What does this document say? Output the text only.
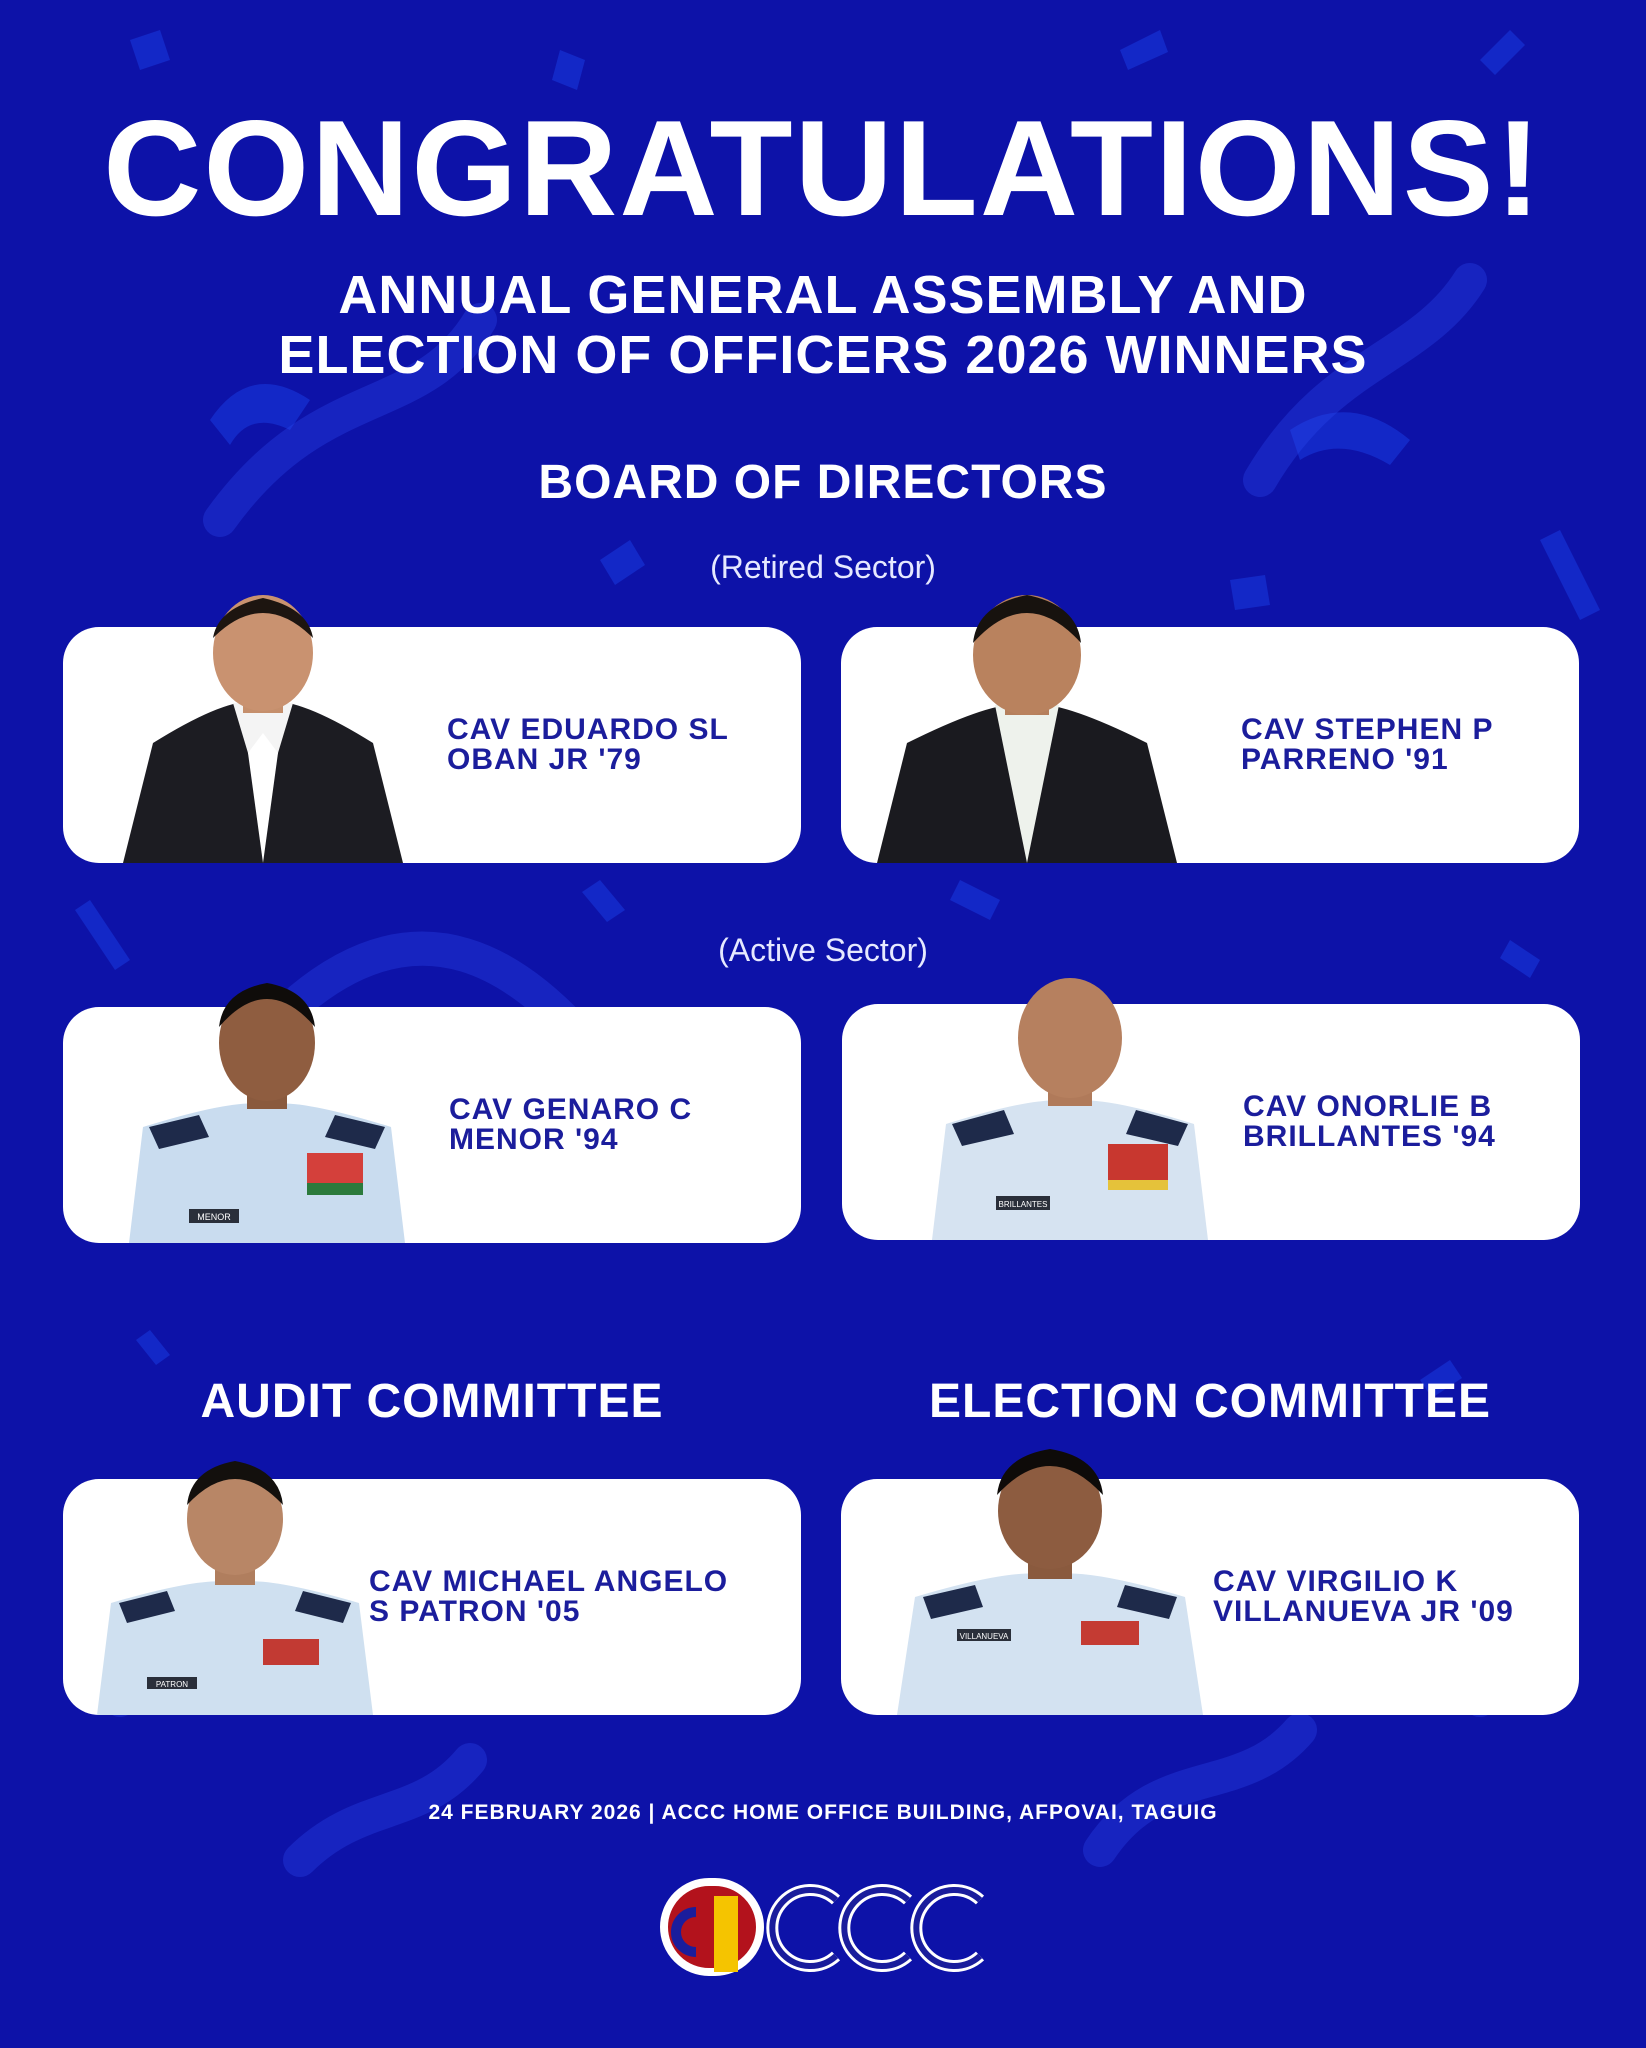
CONGRATULATIONS!
ANNUAL GENERAL ASSEMBLY AND
ELECTION OF OFFICERS 2026 WINNERS
BOARD OF DIRECTORS
(Retired Sector)
CAV EDUARDO SL
OBAN JR '79
CAV STEPHEN P
PARRENO '91
(Active Sector)
MENOR
CAV GENARO C
MENOR '94
BRILLANTES
CAV ONORLIE B
BRILLANTES '94
AUDIT COMMITTEE	ELECTION COMMITTEE
PATRON
CAV MICHAEL ANGELO
S PATRON '05
VILLANUEVA
CAV VIRGILIO K
VILLANUEVA JR '09
24 FEBRUARY 2026 | ACCC HOME OFFICE BUILDING, AFPOVAI, TAGUIG
